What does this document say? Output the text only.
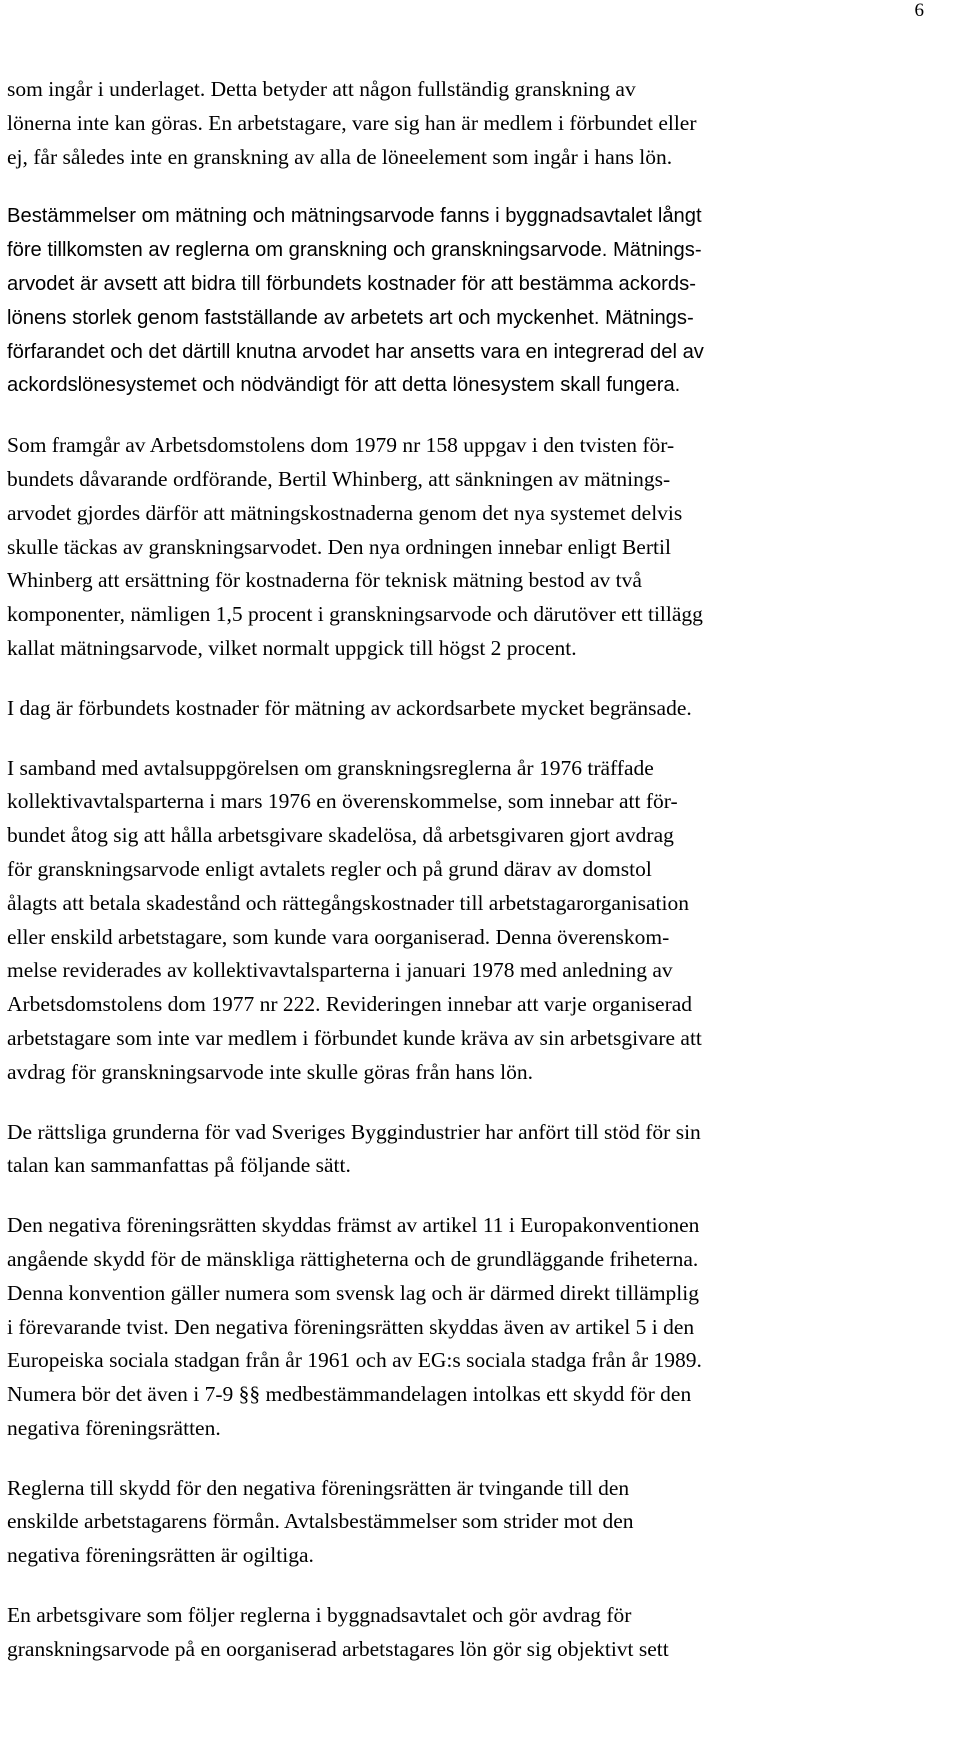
6

som ingår i underlaget. Detta betyder att någon fullständig granskning av
lönerna inte kan göras. En arbetstagare, vare sig han är medlem i förbundet eller
ej, får således inte en granskning av alla de löneelement som ingår i hans lön.

Bestämmelser om mätning och mätningsarvode fanns i byggnadsavtalet långt
före tillkomsten av reglerna om granskning och granskningsarvode. Mätnings-
arvodet är avsett att bidra till förbundets kostnader för att bestämma ackords-
lönens storlek genom fastställande av arbetets art och myckenhet. Mätnings-
förfarandet och det därtill knutna arvodet har ansetts vara en integrerad del av
ackordslönesystemet och nödvändigt för att detta lönesystem skall fungera.

Som framgår av Arbetsdomstolens dom 1979 nr 158 uppgav i den tvisten för-
bundets dåvarande ordförande, Bertil Whinberg, att sänkningen av mätnings-
arvodet gjordes därför att mätningskostnaderna genom det nya systemet delvis
skulle täckas av granskningsarvodet. Den nya ordningen innebar enligt Bertil
Whinberg att ersättning för kostnaderna för teknisk mätning bestod av två
komponenter, nämligen 1,5 procent i granskningsarvode och därutöver ett tillägg
kallat mätningsarvode, vilket normalt uppgick till högst 2 procent.

I dag är förbundets kostnader för mätning av ackordsarbete mycket begränsade.

I samband med avtalsuppgörelsen om granskningsreglerna år 1976 träffade
kollektivavtalsparterna i mars 1976 en överenskommelse, som innebar att för-
bundet åtog sig att hålla arbetsgivare skadelösa, då arbetsgivaren gjort avdrag
för granskningsarvode enligt avtalets regler och på grund därav av domstol
ålagts att betala skadestånd och rättegångskostnader till arbetstagarorganisation
eller enskild arbetstagare, som kunde vara oorganiserad. Denna överenskom-
melse reviderades av kollektivavtalsparterna i januari 1978 med anledning av
Arbetsdomstolens dom 1977 nr 222. Revideringen innebar att varje organiserad
arbetstagare som inte var medlem i förbundet kunde kräva av sin arbetsgivare att
avdrag för granskningsarvode inte skulle göras från hans lön.

De rättsliga grunderna för vad Sveriges Byggindustrier har anfört till stöd för sin
talan kan sammanfattas på följande sätt.

Den negativa föreningsrätten skyddas främst av artikel 11 i Europakonventionen
angående skydd för de mänskliga rättigheterna och de grundläggande friheterna.
Denna konvention gäller numera som svensk lag och är därmed direkt tillämplig
i förevarande tvist. Den negativa föreningsrätten skyddas även av artikel 5 i den
Europeiska sociala stadgan från år 1961 och av EG:s sociala stadga från år 1989.
Numera bör det även i 7-9 §§ medbestämmandelagen intolkas ett skydd för den
negativa föreningsrätten.

Reglerna till skydd för den negativa föreningsrätten är tvingande till den
enskilde arbetstagarens förmån. Avtalsbestämmelser som strider mot den
negativa föreningsrätten är ogiltiga.

En arbetsgivare som följer reglerna i byggnadsavtalet och gör avdrag för
granskningsarvode på en oorganiserad arbetstagares lön gör sig objektivt sett
